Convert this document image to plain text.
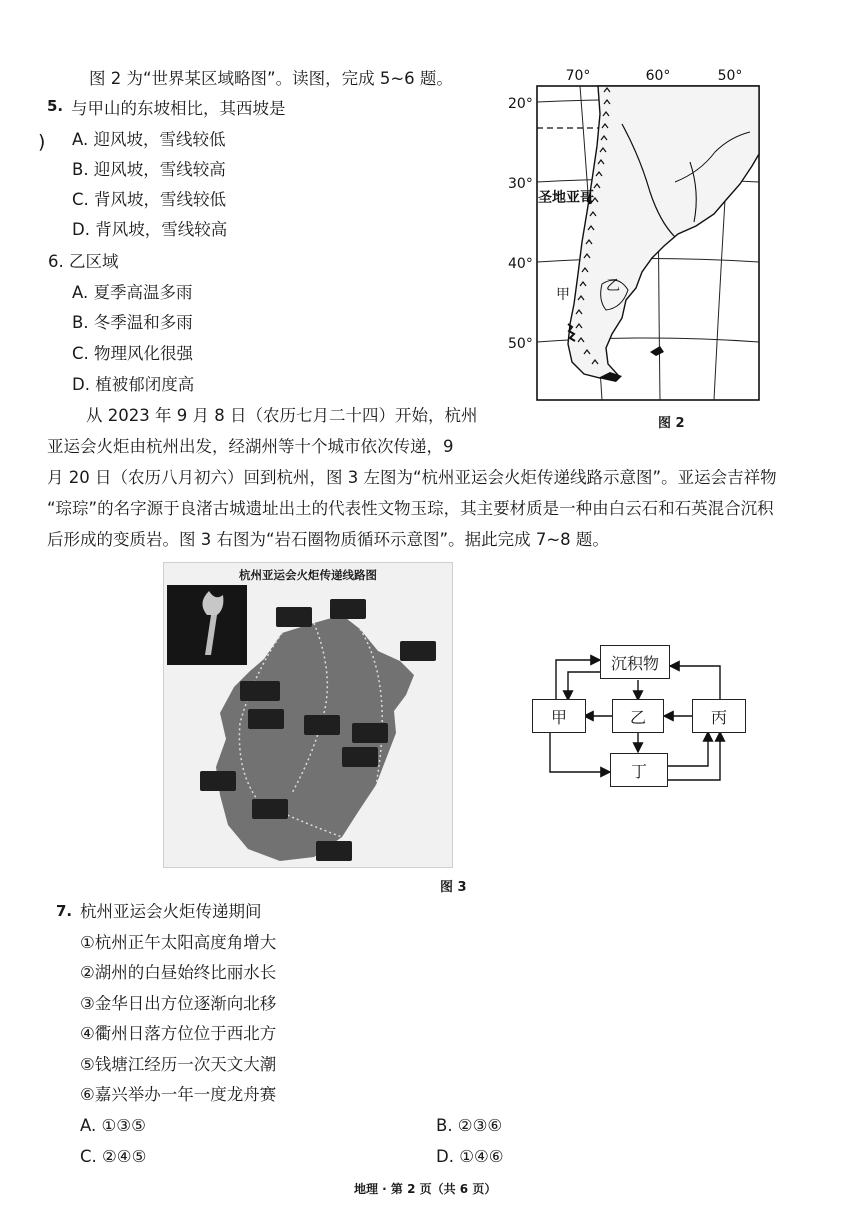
图 2 为“世界某区域略图”。读图，完成 5~6 题。
5. 与甲山的东坡相比，其西坡是
) A. 迎风坡，雪线较低
B. 迎风坡，雪线较高
C. 背风坡，雪线较低
D. 背风坡，雪线较高
6. 乙区域
A. 夏季高温多雨
B. 冬季温和多雨
C. 物理风化很强
D. 植被郁闭度高
70°	60°	50°
20°
30°
40°
50°
圣地亚哥
甲
乙
图 2
从 2023 年 9 月 8 日（农历七月二十四）开始，杭州
亚运会火炬由杭州出发，经湖州等十个城市依次传递，9
月 20 日（农历八月初六）回到杭州，图 3 左图为“杭州亚运会火炬传递线路示意图”。亚运会吉祥物
“琮琮”的名字源于良渚古城遗址出土的代表性文物玉琮，其主要材质是一种由白云石和石英混合沉积
后形成的变质岩。图 3 右图为“岩石圈物质循环示意图”。据此完成 7~8 题。
杭州亚运会火炬传递线路图
沉积物
甲	乙	丙
丁
图 3
7. 杭州亚运会火炬传递期间
①杭州正午太阳高度角增大
②湖州的白昼始终比丽水长
③金华日出方位逐渐向北移
④衢州日落方位位于西北方
⑤钱塘江经历一次天文大潮
⑥嘉兴举办一年一度龙舟赛
A. ①③⑤	B. ②③⑥
C. ②④⑤	D. ①④⑥
地理 · 第 2 页（共 6 页）
